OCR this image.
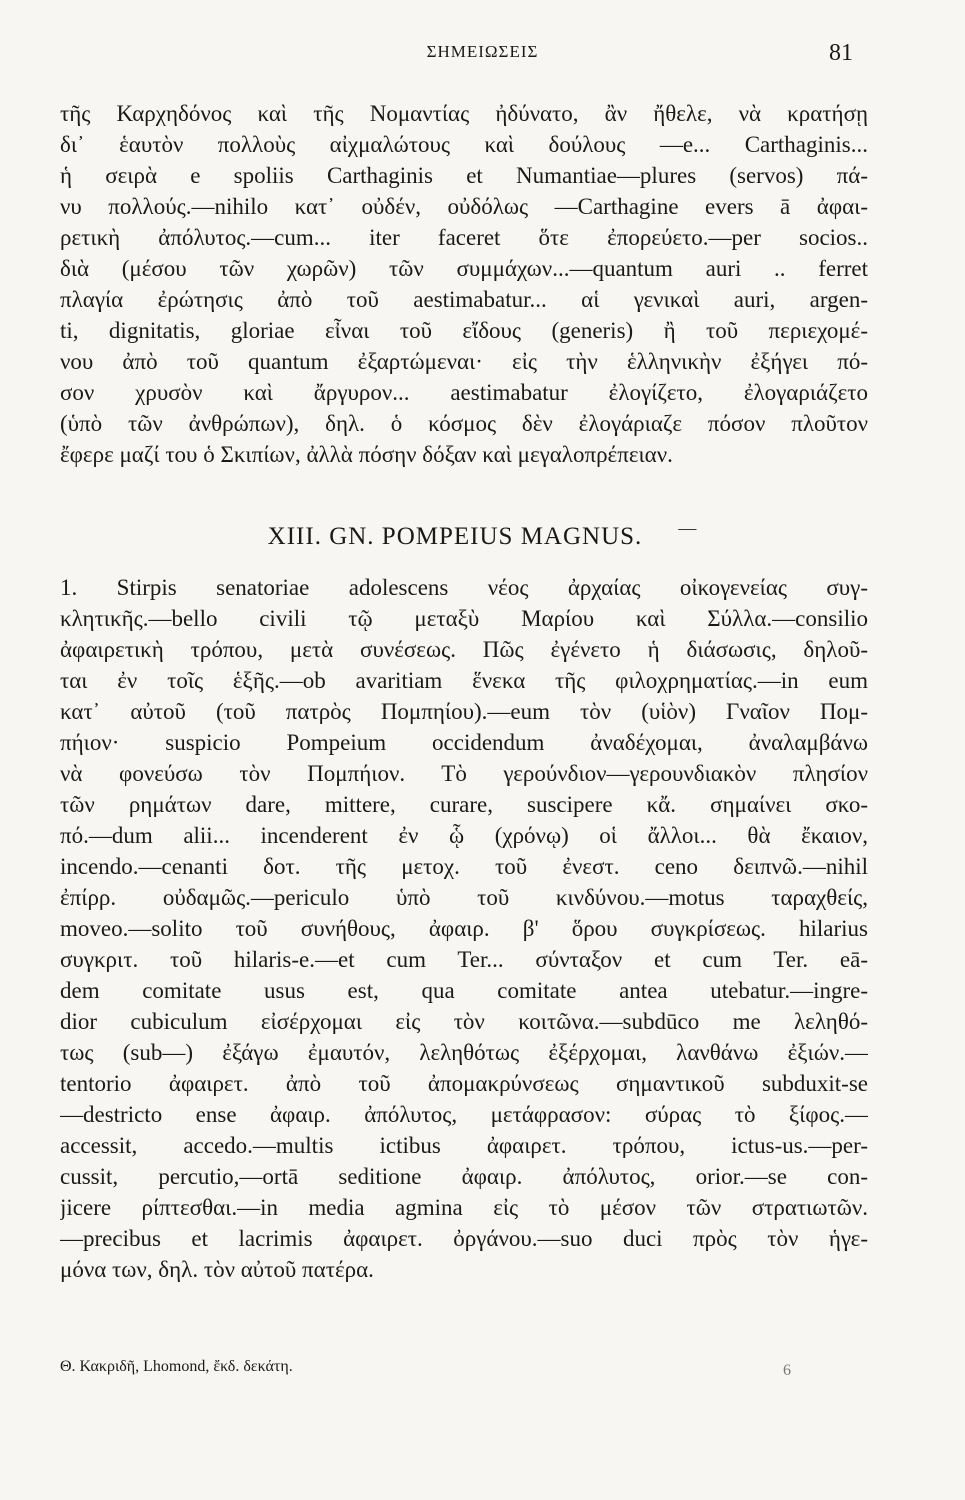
ΣΗΜΕΙΩΣΕΙΣ	81
τῆς Καρχηδόνος καὶ τῆς Νομαντίας ἠδύνατο, ἂν ἤθελε, νὰ κρατήσῃ
δι᾽ ἑαυτὸν πολλοὺς αἰχμαλώτους καὶ δούλους —e... Carthaginis...
ἡ σειρὰ e spoliis Carthaginis et Numantiae—plures (servos) πά-
νυ πολλούς.—nihilo κατ᾽ οὐδέν, οὐδόλως —Carthagine evers ā ἀφαι-
ρετικὴ ἀπόλυτος.—cum... iter faceret ὅτε ἐπορεύετο.—per socios..
διὰ (μέσου τῶν χωρῶν) τῶν συμμάχων...—quantum auri .. ferret
πλαγία ἐρώτησις ἀπὸ τοῦ aestimabatur... αἱ γενικαὶ auri, argen-
ti, dignitatis, gloriae εἶναι τοῦ εἴδους (generis) ἢ τοῦ περιεχομέ-
νου ἀπὸ τοῦ quantum ἐξαρτώμεναι· εἰς τὴν ἑλληνικὴν ἐξήγει πό-
σον χρυσὸν καὶ ἄργυρον... aestimabatur ἐλογίζετο, ἐλογαριάζετο
(ὑπὸ τῶν ἀνθρώπων), δηλ. ὁ κόσμος δὲν ἐλογάριαζε πόσον πλοῦτον
ἔφερε μαζί του ὁ Σκιπίων, ἀλλὰ πόσην δόξαν καὶ μεγαλοπρέπειαν.
XIII. GN. POMPEIUS MAGNUS. —
1. Stirpis senatoriae adolescens νέος ἀρχαίας οἰκογενείας συγ-
κλητικῆς.—bello civili τῷ μεταξὺ Μαρίου καὶ Σύλλα.—consilio
ἀφαιρετικὴ τρόπου, μετὰ συνέσεως. Πῶς ἐγένετο ἡ διάσωσις, δηλοῦ-
ται ἐν τοῖς ἑξῆς.—ob avaritiam ἕνεκα τῆς φιλοχρηματίας.—in eum
κατ᾽ αὐτοῦ (τοῦ πατρὸς Πομπηίου).—eum τὸν (υἱὸν) Γναῖον Πομ-
πήιον· suspicio Pompeium occidendum ἀναδέχομαι, ἀναλαμβάνω
νὰ φονεύσω τὸν Πομπήιον. Τὸ γερούνδιον—γερουνδιακὸν πλησίον
τῶν ρημάτων dare, mittere, curare, suscipere κἄ. σημαίνει σκο-
πό.—dum alii... incenderent ἐν ᾧ (χρόνῳ) οἱ ἄλλοι... θὰ ἔκαιον,
incendo.—cenanti δοτ. τῆς μετοχ. τοῦ ἐνεστ. ceno δειπνῶ.—nihil
ἐπίρρ. οὐδαμῶς.—periculo ὑπὸ τοῦ κινδύνου.—motus ταραχθείς,
moveo.—solito τοῦ συνήθους, ἀφαιρ. β' ὅρου συγκρίσεως. hilarius
συγκριτ. τοῦ hilaris-e.—et cum Ter... σύνταξον et cum Ter. eā-
dem comitate usus est, qua comitate antea utebatur.—ingre-
dior cubiculum εἰσέρχομαι εἰς τὸν κοιτῶνα.—subdūco me λεληθό-
τως (sub—) ἐξάγω ἐμαυτόν, λεληθότως ἐξέρχομαι, λανθάνω ἐξιών.—
tentorio ἀφαιρετ. ἀπὸ τοῦ ἀπομακρύνσεως σημαντικοῦ subduxit-se
—destricto ense ἀφαιρ. ἀπόλυτος, μετάφρασον: σύρας τὸ ξίφος.—
accessit, accedo.—multis ictibus ἀφαιρετ. τρόπου, ictus-us.—per-
cussit, percutio,—ortā seditione ἀφαιρ. ἀπόλυτος, orior.—se con-
jicere ρίπτεσθαι.—in media agmina εἰς τὸ μέσον τῶν στρατιωτῶν.
—precibus et lacrimis ἀφαιρετ. ὀργάνου.—suo duci πρὸς τὸν ἡγε-
μόνα των, δηλ. τὸν αὐτοῦ πατέρα.
Θ. Κακριδῆ, Lhomond, ἔκδ. δεκάτη.	6
